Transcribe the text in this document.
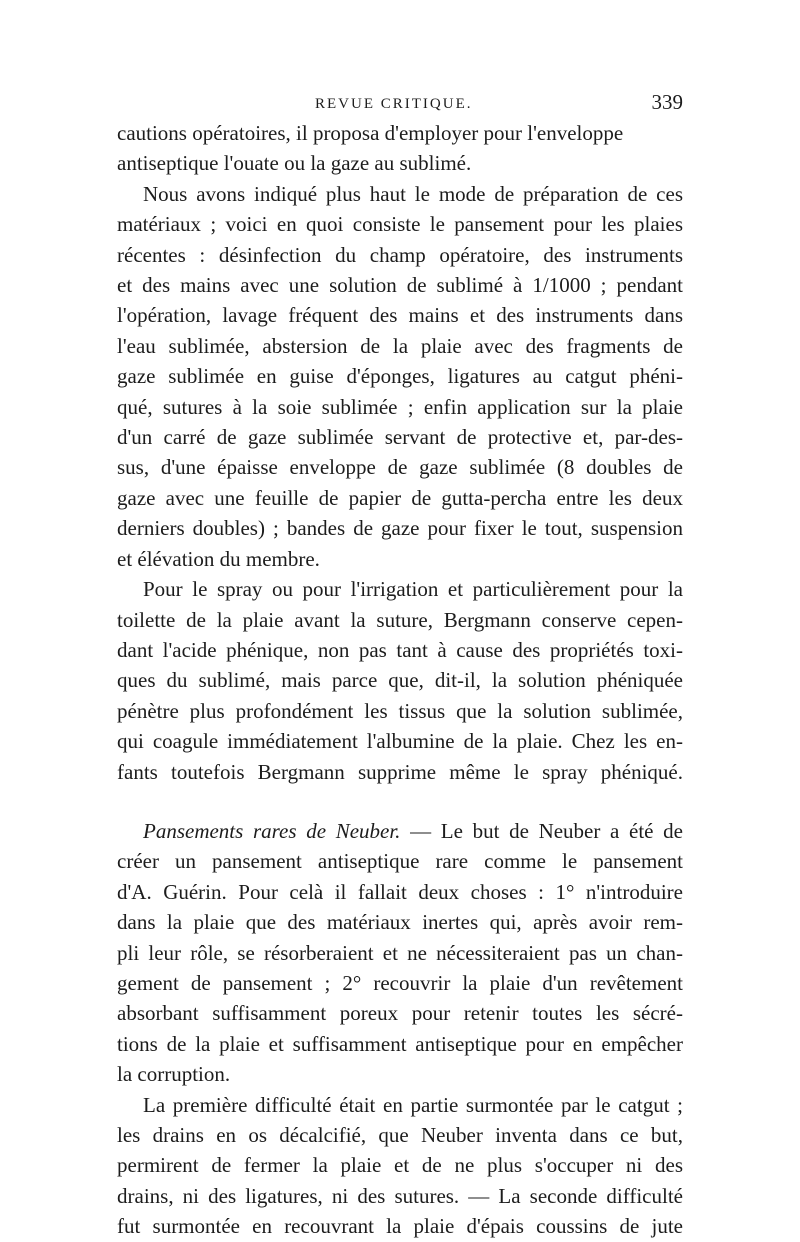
REVUE CRITIQUE.	339
cautions opératoires, il proposa d'employer pour l'enveloppe
antiseptique l'ouate ou la gaze au sublimé.
Nous avons indiqué plus haut le mode de préparation de ces
matériaux ; voici en quoi consiste le pansement pour les plaies
récentes : désinfection du champ opératoire, des instruments
et des mains avec une solution de sublimé à 1/1000 ; pendant
l'opération, lavage fréquent des mains et des instruments dans
l'eau sublimée, abstersion de la plaie avec des fragments de
gaze sublimée en guise d'éponges, ligatures au catgut phéni-
qué, sutures à la soie sublimée ; enfin application sur la plaie
d'un carré de gaze sublimée servant de protective et, par-des-
sus, d'une épaisse enveloppe de gaze sublimée (8 doubles de
gaze avec une feuille de papier de gutta-percha entre les deux
derniers doubles) ; bandes de gaze pour fixer le tout, suspension
et élévation du membre.
Pour le spray ou pour l'irrigation et particulièrement pour la
toilette de la plaie avant la suture, Bergmann conserve cepen-
dant l'acide phénique, non pas tant à cause des propriétés toxi-
ques du sublimé, mais parce que, dit-il, la solution phéniquée
pénètre plus profondément les tissus que la solution sublimée,
qui coagule immédiatement l'albumine de la plaie. Chez les en-
fants toutefois Bergmann supprime même le spray phéniqué.
Pansements rares de Neuber. — Le but de Neuber a été de
créer un pansement antiseptique rare comme le pansement
d'A. Guérin. Pour celà il fallait deux choses : 1° n'introduire
dans la plaie que des matériaux inertes qui, après avoir rem-
pli leur rôle, se résorberaient et ne nécessiteraient pas un chan-
gement de pansement ; 2° recouvrir la plaie d'un revêtement
absorbant suffisamment poreux pour retenir toutes les sécré-
tions de la plaie et suffisamment antiseptique pour en empêcher
la corruption.
La première difficulté était en partie surmontée par le catgut ;
les drains en os décalcifié, que Neuber inventa dans ce but,
permirent de fermer la plaie et de ne plus s'occuper ni des
drains, ni des ligatures, ni des sutures. — La seconde difficulté
fut surmontée en recouvrant la plaie d'épais coussins de jute
